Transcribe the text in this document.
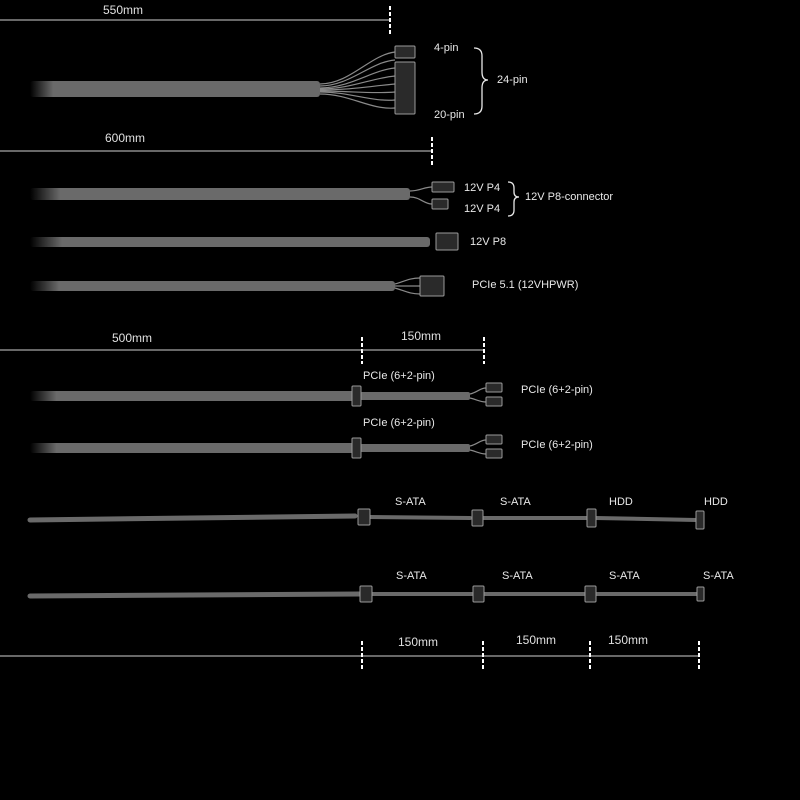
550mm
4-pin
20-pin
24-pin
600mm
12V P4
12V P4
12V P8-connector
12V P8
PCIe 5.1 (12VHPWR)
500mm	150mm
PCIe (6+2-pin)
PCIe (6+2-pin)
PCIe (6+2-pin)
PCIe (6+2-pin)
S-ATA	S-ATA	HDD	HDD
S-ATA	S-ATA	S-ATA	S-ATA
150mm	150mm	150mm
